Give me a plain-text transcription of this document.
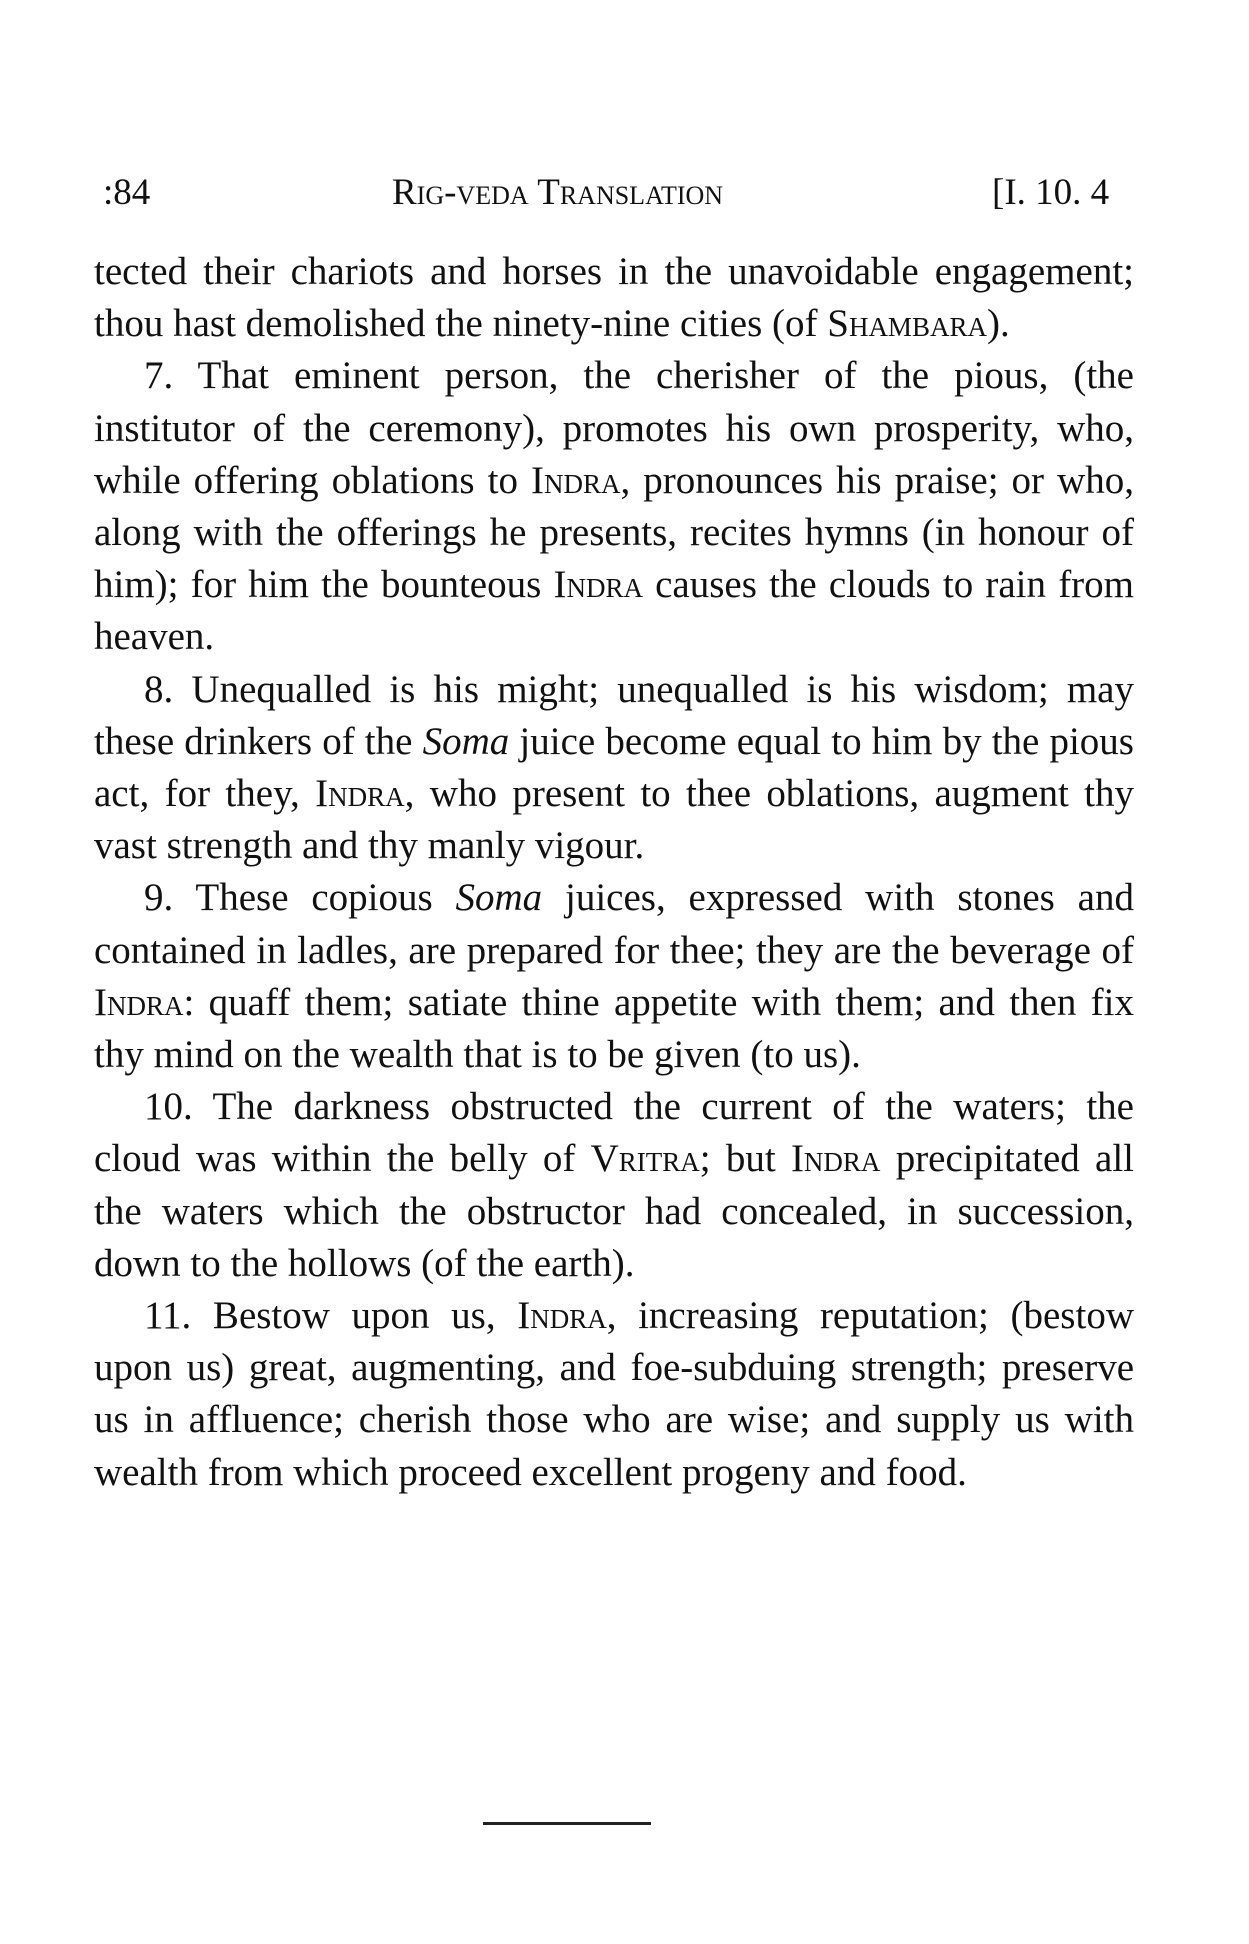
:84	Rig-veda Translation	[I. 10. 4

tected their chariots and horses in the unavoidable engagement; thou hast demolished the ninety-nine cities (of Shambara).

7. That eminent person, the cherisher of the pious, (the institutor of the ceremony), promotes his own prosperity, who, while offering oblations to Indra, pronounces his praise; or who, along with the offerings he presents, recites hymns (in honour of him); for him the bounteous Indra causes the clouds to rain from heaven.

8. Unequalled is his might; unequalled is his wisdom; may these drinkers of the Soma juice become equal to him by the pious act, for they, Indra, who present to thee oblations, augment thy vast strength and thy manly vigour.

9. These copious Soma juices, expressed with stones and contained in ladles, are prepared for thee; they are the beverage of Indra: quaff them; satiate thine appetite with them; and then fix thy mind on the wealth that is to be given (to us).

10. The darkness obstructed the current of the waters; the cloud was within the belly of Vritra; but Indra precipitated all the waters which the obstructor had concealed, in succession, down to the hollows (of the earth).

11. Bestow upon us, Indra, increasing reputation; (bestow upon us) great, augmenting, and foe-subduing strength; preserve us in affluence; cherish those who are wise; and supply us with wealth from which proceed excellent progeny and food.
